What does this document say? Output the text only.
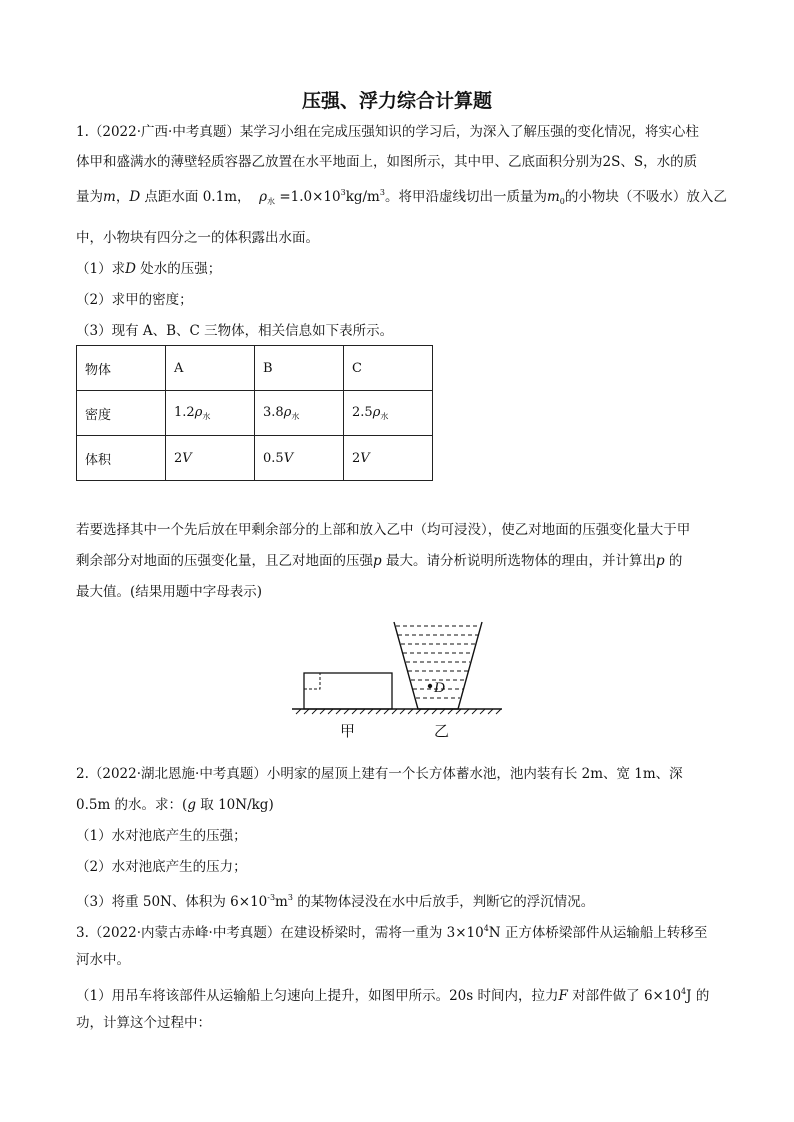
压强、浮力综合计算题
1.（2022·广西·中考真题）某学习小组在完成压强知识的学习后，为深入了解压强的变化情况，将实心柱
体甲和盛满水的薄壁轻质容器乙放置在水平地面上，如图所示，其中甲、乙底面积分别为2S、S，水的质
量为m，D 点距水面 0.1m， $\rho_水 =1.0\times 10^3kg/m^3$。将甲沿虚线切出一质量为$m_0$的小物块（不吸水）放入乙
中，小物块有四分之一的体积露出水面。
（1）求D 处水的压强；
（2）求甲的密度；
（3）现有 A、B、C 三物体，相关信息如下表所示。
物体	A	B	C
密度	$1.2\rho_水$	$3.8\rho_水$	$2.5\rho_水$
体积	2V	0.5V	2V
若要选择其中一个先后放在甲剩余部分的上部和放入乙中（均可浸没），使乙对地面的压强变化量大于甲
剩余部分对地面的压强变化量，且乙对地面的压强p 最大。请分析说明所选物体的理由，并计算出p 的
最大值。(结果用题中字母表示)
D
甲	乙
2.（2022·湖北恩施·中考真题）小明家的屋顶上建有一个长方体蓄水池，池内装有长 2m、宽 1m、深
0.5m 的水。求：(g 取 10N/kg)
（1）水对池底产生的压强；
（2）水对池底产生的压力；
（3）将重 50N、体积为 $6\times 10^{-3}m^3$ 的某物体浸没在水中后放手，判断它的浮沉情况。
3.（2022·内蒙古赤峰·中考真题）在建设桥梁时，需将一重为 $3\times 10^4N$ 正方体桥梁部件从运输船上转移至
河水中。
（1）用吊车将该部件从运输船上匀速向上提升，如图甲所示。20s 时间内，拉力F 对部件做了 $6\times 10^4J$ 的
功，计算这个过程中：
